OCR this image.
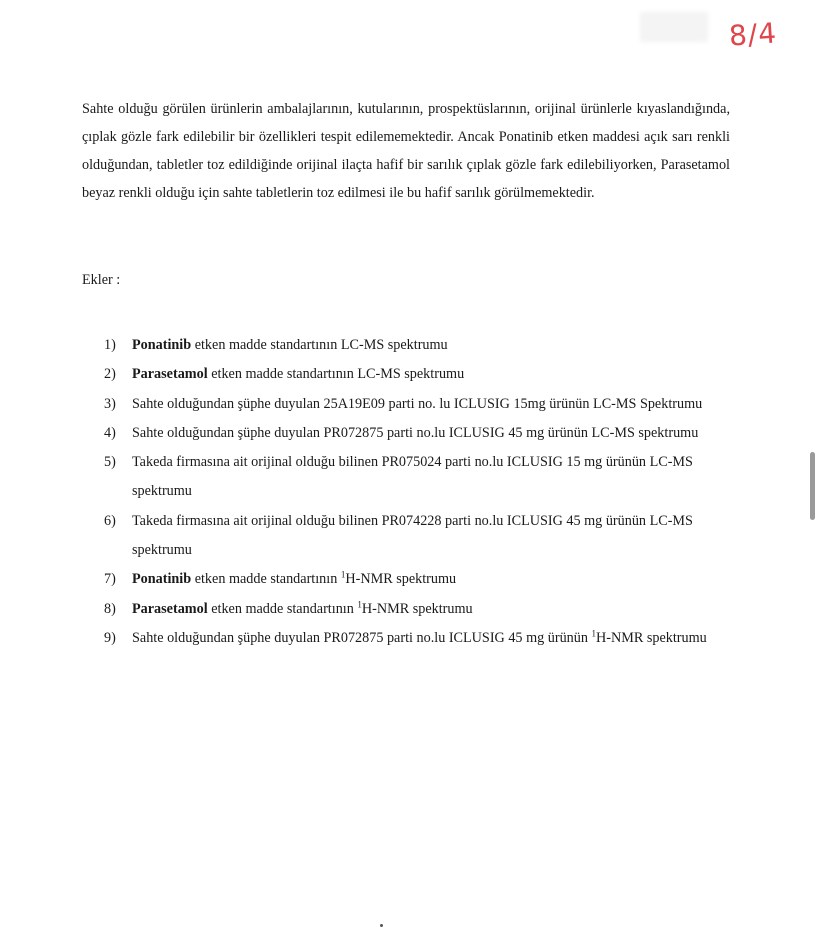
8/4

Sahte olduğu görülen ürünlerin ambalajlarının, kutularının, prospektüslarının, orijinal ürünlerle kıyaslandığında, çıplak gözle fark edilebilir bir özellikleri tespit edilememektedir. Ancak Ponatinib etken maddesi açık sarı renkli olduğundan, tabletler toz edildiğinde orijinal ilaçta hafif bir sarılık çıplak gözle fark edilebiliyorken, Parasetamol beyaz renkli olduğu için sahte tabletlerin toz edilmesi ile bu hafif sarılık görülmemektedir.

Ekler :

1)	Ponatinib etken madde standartının LC-MS spektrumu
2)	Parasetamol etken madde standartının LC-MS spektrumu
3)	Sahte olduğundan şüphe duyulan 25A19E09 parti no. lu ICLUSIG 15mg ürünün LC-MS Spektrumu
4)	Sahte olduğundan şüphe duyulan PR072875 parti no.lu ICLUSIG 45 mg ürünün LC-MS spektrumu
5)	Takeda firmasına ait orijinal olduğu bilinen PR075024 parti no.lu ICLUSIG 15 mg ürünün LC-MS spektrumu
6)	Takeda firmasına ait orijinal olduğu bilinen PR074228 parti no.lu ICLUSIG 45 mg ürünün LC-MS spektrumu
7)	Ponatinib etken madde standartının $^1$H-NMR spektrumu
8)	Parasetamol etken madde standartının $^1$H-NMR spektrumu
9)	Sahte olduğundan şüphe duyulan PR072875 parti no.lu ICLUSIG 45 mg ürünün $^1$H-NMR spektrumu
